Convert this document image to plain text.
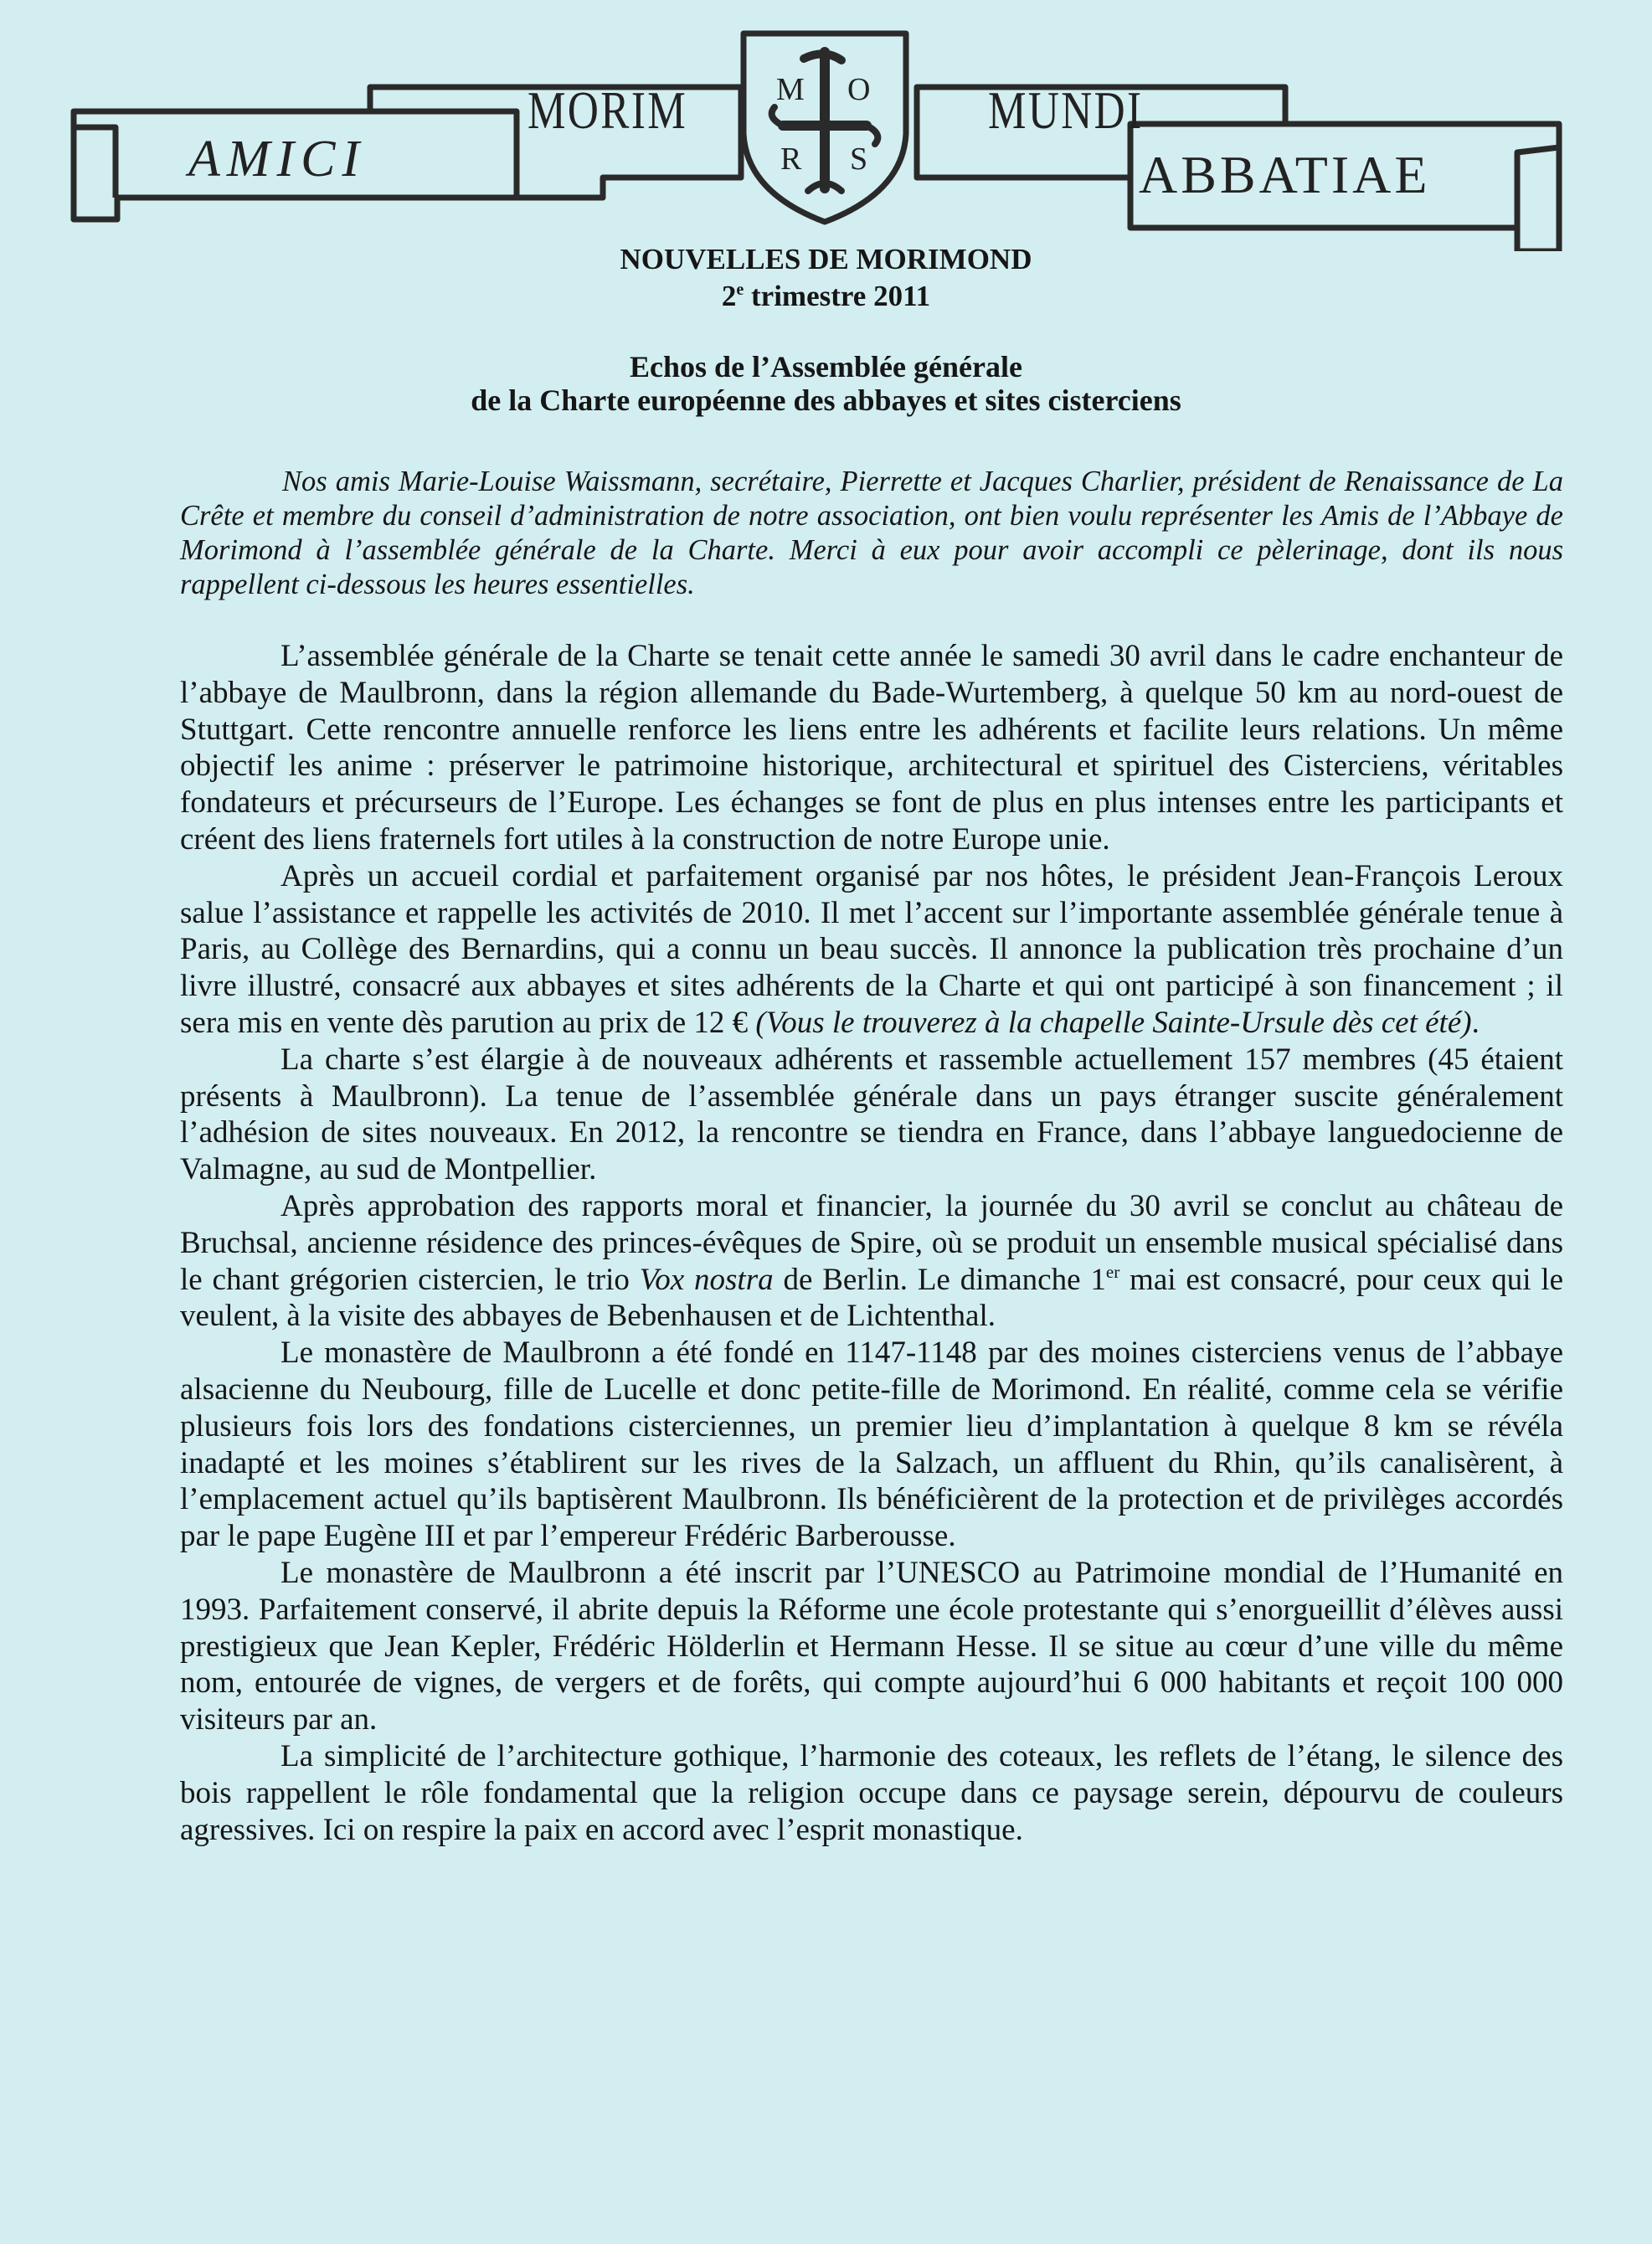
AMICI
MORIM	MUNDI
ABBATIAE
M O
R S
NOUVELLES DE MORIMOND
2e trimestre 2011
Echos de l’Assemblée générale
de la Charte européenne des abbayes et sites cisterciens

Nos amis Marie-Louise Waissmann, secrétaire, Pierrette et Jacques Charlier, président de Renaissance de La Crête et membre du conseil d’administration de notre association, ont bien voulu représenter les Amis de l’Abbaye de Morimond à l’assemblée générale de la Charte. Merci à eux pour avoir accompli ce pèlerinage, dont ils nous rappellent ci-dessous les heures essentielles.

L’assemblée générale de la Charte se tenait cette année le samedi 30 avril dans le cadre enchanteur de l’abbaye de Maulbronn, dans la région allemande du Bade-Wurtemberg, à quelque 50 km au nord-ouest de Stuttgart. Cette rencontre annuelle renforce les liens entre les adhérents et facilite leurs relations. Un même objectif les anime : préserver le patrimoine historique, architectural et spirituel des Cisterciens, véritables fondateurs et précurseurs de l’Europe. Les échanges se font de plus en plus intenses entre les participants et créent des liens fraternels fort utiles à la construction de notre Europe unie.

Après un accueil cordial et parfaitement organisé par nos hôtes, le président Jean-François Leroux salue l’assistance et rappelle les activités de 2010. Il met l’accent sur l’importante assemblée générale tenue à Paris, au Collège des Bernardins, qui a connu un beau succès. Il annonce la publication très prochaine d’un livre illustré, consacré aux abbayes et sites adhérents de la Charte et qui ont participé à son financement ; il sera mis en vente dès parution au prix de 12 € (Vous le trouverez à la chapelle Sainte-Ursule dès cet été).

La charte s’est élargie à de nouveaux adhérents et rassemble actuellement 157 membres (45 étaient présents à Maulbronn). La tenue de l’assemblée générale dans un pays étranger suscite généralement l’adhésion de sites nouveaux. En 2012, la rencontre se tiendra en France, dans l’abbaye languedocienne de Valmagne, au sud de Montpellier.

Après approbation des rapports moral et financier, la journée du 30 avril se conclut au château de Bruchsal, ancienne résidence des princes-évêques de Spire, où se produit un ensemble musical spécialisé dans le chant grégorien cistercien, le trio Vox nostra de Berlin. Le dimanche 1er mai est consacré, pour ceux qui le veulent, à la visite des abbayes de Bebenhausen et de Lichtenthal.

Le monastère de Maulbronn a été fondé en 1147-1148 par des moines cisterciens venus de l’abbaye alsacienne du Neubourg, fille de Lucelle et donc petite-fille de Morimond. En réalité, comme cela se vérifie plusieurs fois lors des fondations cisterciennes, un premier lieu d’implantation à quelque 8 km se révéla inadapté et les moines s’établirent sur les rives de la Salzach, un affluent du Rhin, qu’ils canalisèrent, à l’emplacement actuel qu’ils baptisèrent Maulbronn. Ils bénéficièrent de la protection et de privilèges accordés par le pape Eugène III et par l’empereur Frédéric Barberousse.

Le monastère de Maulbronn a été inscrit par l’UNESCO au Patrimoine mondial de l’Humanité en 1993. Parfaitement conservé, il abrite depuis la Réforme une école protestante qui s’enorgueillit d’élèves aussi prestigieux que Jean Kepler, Frédéric Hölderlin et Hermann Hesse. Il se situe au cœur d’une ville du même nom, entourée de vignes, de vergers et de forêts, qui compte aujourd’hui 6 000 habitants et reçoit 100 000 visiteurs par an.

La simplicité de l’architecture gothique, l’harmonie des coteaux, les reflets de l’étang, le silence des bois rappellent le rôle fondamental que la religion occupe dans ce paysage serein, dépourvu de couleurs agressives. Ici on respire la paix en accord avec l’esprit monastique.
